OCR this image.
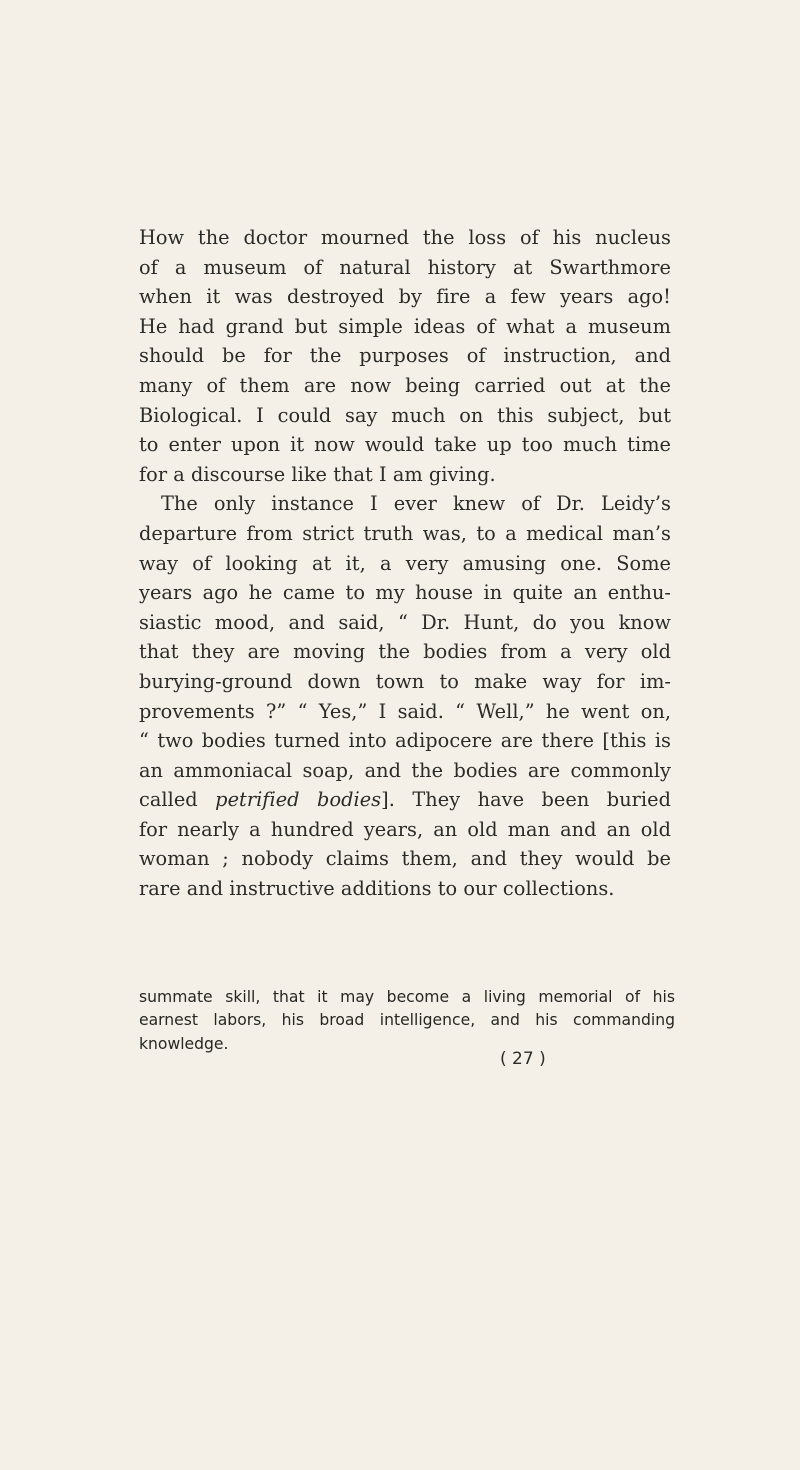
How the doctor mourned the loss of his nucleus
of a museum of natural history at Swarthmore
when it was destroyed by fire a few years ago!
He had grand but simple ideas of what a museum
should be for the purposes of instruction, and
many of them are now being carried out at the
Biological. I could say much on this subject, but
to enter upon it now would take up too much time
for a discourse like that I am giving.
The only instance I ever knew of Dr. Leidy’s
departure from strict truth was, to a medical man’s
way of looking at it, a very amusing one. Some
years ago he came to my house in quite an enthu-
siastic mood, and said, “ Dr. Hunt, do you know
that they are moving the bodies from a very old
burying-ground down town to make way for im-
provements ?” “ Yes,” I said. “ Well,” he went on,
“ two bodies turned into adipocere are there [this is
an ammoniacal soap, and the bodies are commonly
called petrified bodies]. They have been buried
for nearly a hundred years, an old man and an old
woman ; nobody claims them, and they would be
rare and instructive additions to our collections.
summate skill, that it may become a living memorial of his
earnest labors, his broad intelligence, and his commanding
knowledge.
( 27 )
